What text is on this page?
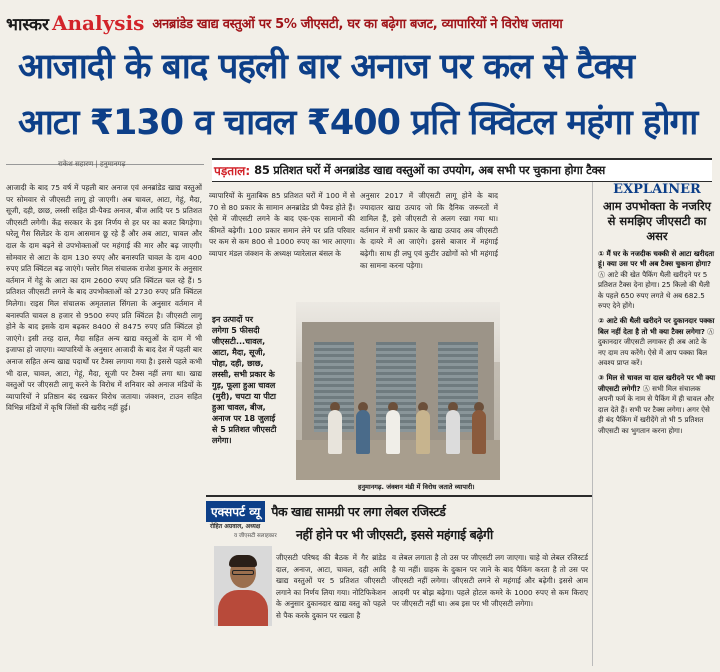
भास्कर Analysis अनब्रांडेड खाद्य वस्तुओं पर 5% जीएसटी, घर का बढ़ेगा बजट, व्यापारियों ने विरोध जताया
आजादी के बाद पहली बार अनाज पर कल से टैक्स
आटा ₹130 व चावल ₹400 प्रति क्विंटल महंगा होगा
राकेश सहारण | हनुमानगढ़	पड़ताल: 85 प्रतिशत घरों में अनब्रांडेड खाद्य वस्तुओं का उपयोग, अब सभी पर चुकाना होगा टैक्स
आजादी के बाद 75 वर्ष में पहली बार अनाज एवं अनब्रांडेड खाद्य वस्तुओं पर सोमवार से जीएसटी लागू हो जाएगी। अब चावल, आटा, गेहूं, मैदा, सूजी, दही, छाछ, लस्सी सहित प्री-पैक्ड अनाज, बीज आदि पर 5 प्रतिशत जीएसटी लगेगी। केंद्र सरकार के इस निर्णय से हर घर का बजट बिगड़ेगा। घरेलू गैस सिलेंडर के दाम आसमान छू रहे हैं और अब आटा, चावल और दाल के दाम बढ़ने से उपभोक्ताओं पर महंगाई की मार और बढ़ जाएगी। सोमवार से आटा के दाम 130 रुपए और बनास्पति चावल के दाम 400 रुपए प्रति क्विंटल बढ़ जाएंगे। फ्लोर मिल संचालक राजेश कुमार के अनुसार वर्तमान में गेहूं के आटा का दाम 2600 रुपए प्रति क्विंटल चल रहे हैं। 5 प्रतिशत जीएसटी लगने के बाद उपभोक्ताओं को 2730 रुपए प्रति क्विंटल मिलेगा। राइस मिल संचालक अमृतलाल सिंगला के अनुसार वर्तमान में बनास्पति चावल 8 हजार से 9500 रुपए प्रति क्विंटल है। जीएसटी लागू होने के बाद इसके दाम बढ़कर 8400 से 8475 रुपए प्रति क्विंटल हो जाएंगे। इसी तरह दाल, मैदा सहित अन्य खाद्य वस्तुओं के दाम में भी इजाफा हो जाएगा। व्यापारियों के अनुसार आजादी के बाद देश में पहली बार अनाज सहित अन्य खाद्य पदार्थों पर टैक्स लगाया गया है। इससे पहले कभी भी दाल, चावल, आटा, गेहूं, मैदा, सूजी पर टैक्स नहीं लगा था। खाद्य वस्तुओं पर जीएसटी लागू करने के विरोध में शनिवार को अनाज मंडियों के व्यापारियों ने प्रतिष्ठान बंद रखकर विरोध जताया। जंक्शन, टाउन सहित विभिन्न मंडियों में कृषि जिंसों की खरीद नहीं हुई।
व्यापारियों के मुताबिक 85 प्रतिशत घरों में 100 में से 70 से 80 प्रकार के सामान अनब्रांडेड प्री पैक्ड होते हैं। ऐसे में जीएसटी लगने के बाद एक-एक सामानों की कीमतें बढ़ेगी। 100 प्रकार समान लेने पर प्रति परिवार पर कम से कम 800 से 1000 रुपए का भार आएगा। व्यापार मंडल जंक्शन के अध्यक्ष प्यारेलाल बंसल के
अनुसार 2017 में जीएसटी लागू होने के बाद ज्यादातर खाद्य उत्पाद जो कि दैनिक जरूरतों में शामिल हैं, इसे जीएसटी से अलग रखा गया था। वर्तमान में सभी प्रकार के खाद्य उत्पाद अब जीएसटी के दायरे में आ जाएंगे। इससे बाजार में महंगाई बढ़ेगी। साथ ही लघु एवं कुटीर उद्योगों को भी महंगाई का सामना करना पड़ेगा।
इन उत्पादों पर
लगेगा 5 फीसदी
जीएसटी...चावल,
आटा, मैदा, सूजी,
पोहा, दही, छाछ,
लस्सी, सभी प्रकार के
गुड़, फूला हुआ चावल
(मुरी), चपटा या पीटा
हुआ चावल, बीज,
अनाज पर 18 जुलाई
से 5 प्रतिशत जीएसटी
लगेगा।
हनुमानगढ़. जंक्शन मंडी में विरोध जताते व्यापारी।
एक्सपर्ट व्यू पैक खाद्य सामग्री पर लगा लेबल रजिस्टर्ड
रोहित अग्रवाल, अध्यक्ष
व जीएसटी सलाहकार नहीं होने पर भी जीएसटी, इससे महंगाई बढ़ेगी
जीएसटी परिषद की बैठक में गैर ब्रांडेड दाल, अनाज, आटा, चावल, दही आदि खाद्य वस्तुओं पर 5 प्रतिशत जीएसटी लगाने का निर्णय लिया गया। नोटिफिकेशन के अनुसार दुकानदार खाद्य वस्तु को पहले से पैक करके दुकान पर रखता है
व लेबल लगाता है तो उस पर जीएसटी लग जाएगा। चाहे वो लेबल रजिस्टर्ड है या नहीं। ग्राहक के दुकान पर जाने के बाद पैकिंग करता है तो उस पर जीएसटी नहीं लगेगा। जीएसटी लगने से महंगाई और बढ़ेगी। इससे आम आदमी पर बोझ बढ़ेगा। पहले होटल कमरे के 1000 रुपए से कम किराए पर जीएसटी नहीं था। अब इस पर भी जीएसटी लगेगा।
EXPLAINER
आम उपभोक्ता के नजरिए से समझिए जीएसटी का असर
① मैं घर के नजदीक चक्की से आटा खरीदता हूं। क्या उस पर भी अब टैक्स चुकाना होगा? Ⓐ आटे की खेत पैकिंग थैली खरीदने पर 5 प्रतिशत टैक्स देना होगा। 25 किलो की थैली के पहले 650 रुपए लगते थे अब 682.5 रुपए देने होंगे।
② आटे की थैली खरीदने पर दुकानदार पक्का बिल नहीं देता है तो भी क्या टैक्स लगेगा? Ⓐ दुकानदार जीएसटी लगाकर ही अब आटे के नए दाम तय करेंगे। ऐसे में आप पक्का बिल अवश्य प्राप्त करें।
③ मिल से चावल या दाल खरीदने पर भी क्या जीएसटी लगेगी? Ⓐ सभी मिल संचालक अपनी फर्म के नाम से पैकिंग में ही चावल और दाल देते हैं। सभी पर टैक्स लगेगा। अगर ऐसे ही बंद पैकिंग में खरीदेंगे तो भी 5 प्रतिशत जीएसटी का भुगतान करना होगा।
